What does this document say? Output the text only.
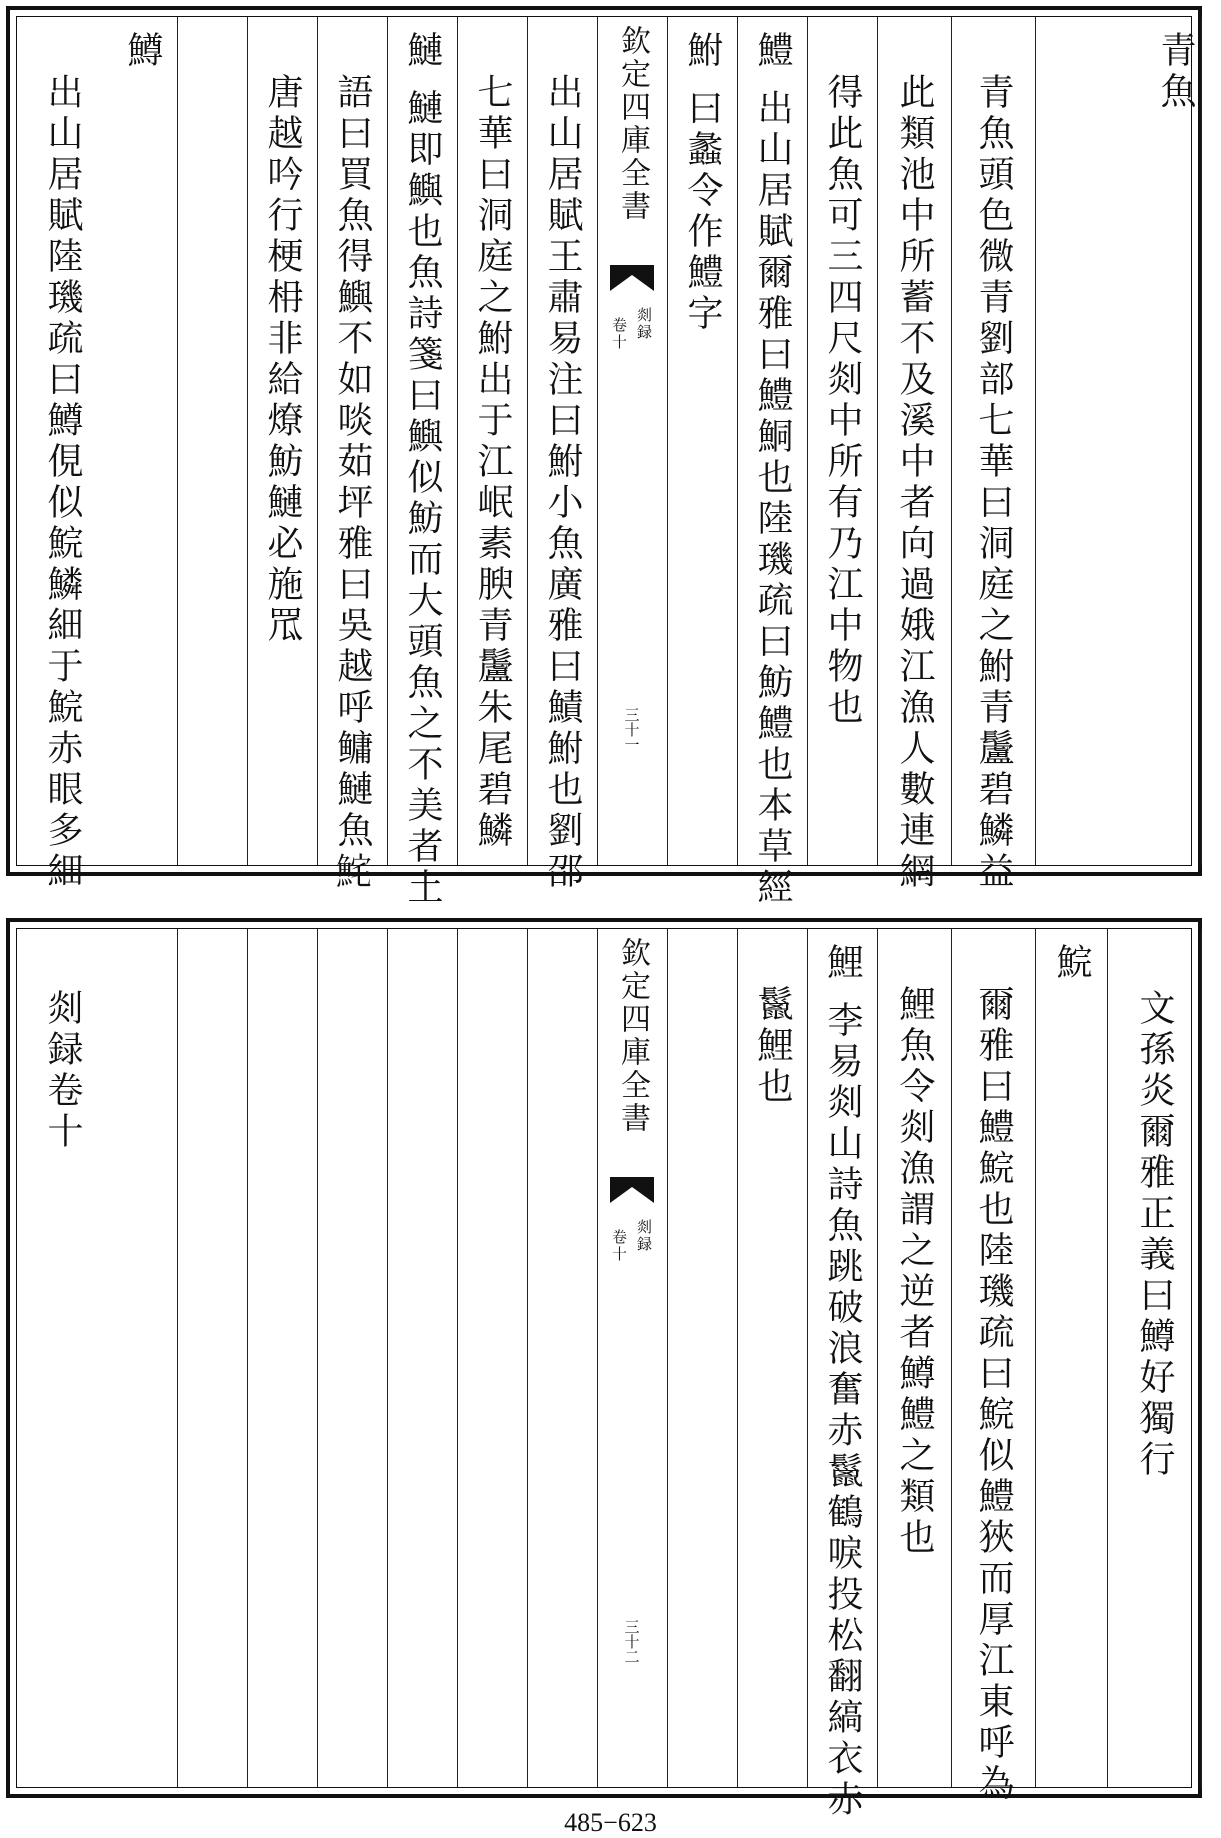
青魚
青魚頭色微青劉部七華曰洞庭之鮒青䰕碧鱗益
此類池中所蓄不及溪中者向過娥江漁人數連網
得此魚可三四尺剡中所有乃江中物也
鱧
出山居賦爾雅曰鱧鮦也陸璣疏曰魴鱧也本草經
鮒
曰蠡令作鱧字
欽定四庫全書
剡録
卷十
三十一
出山居賦王肅易注曰鮒小魚廣雅曰鰿鮒也劉邵
七華曰洞庭之鮒出于江岷素腴青䰕朱尾碧鱗
鰱
鰱即鱮也魚詩箋曰鱮似魴而大頭魚之不美者土
語曰買魚得鱮不如啖茹坪雅曰吳越呼鳙鰱魚𩶱
唐越吟行梗枏非給燎魴鰱必施罛
鱒
出山居賦陸璣疏曰鱒俔似鯇鱗細于鯇赤眼多細
文孫炎爾雅正義曰鱒好獨行
鯇
爾雅曰鱧鯇也陸璣疏曰鯇似鱧狹而厚江東呼為
鯉魚令剡漁謂之逆者鱒鱧之類也
鯉
李易剡山詩魚跳破浪奮赤鬣鶴唳投松翻縞衣赤
鬣鯉也
欽定四庫全書
剡録
卷十
三十二
剡録卷十
485−623
